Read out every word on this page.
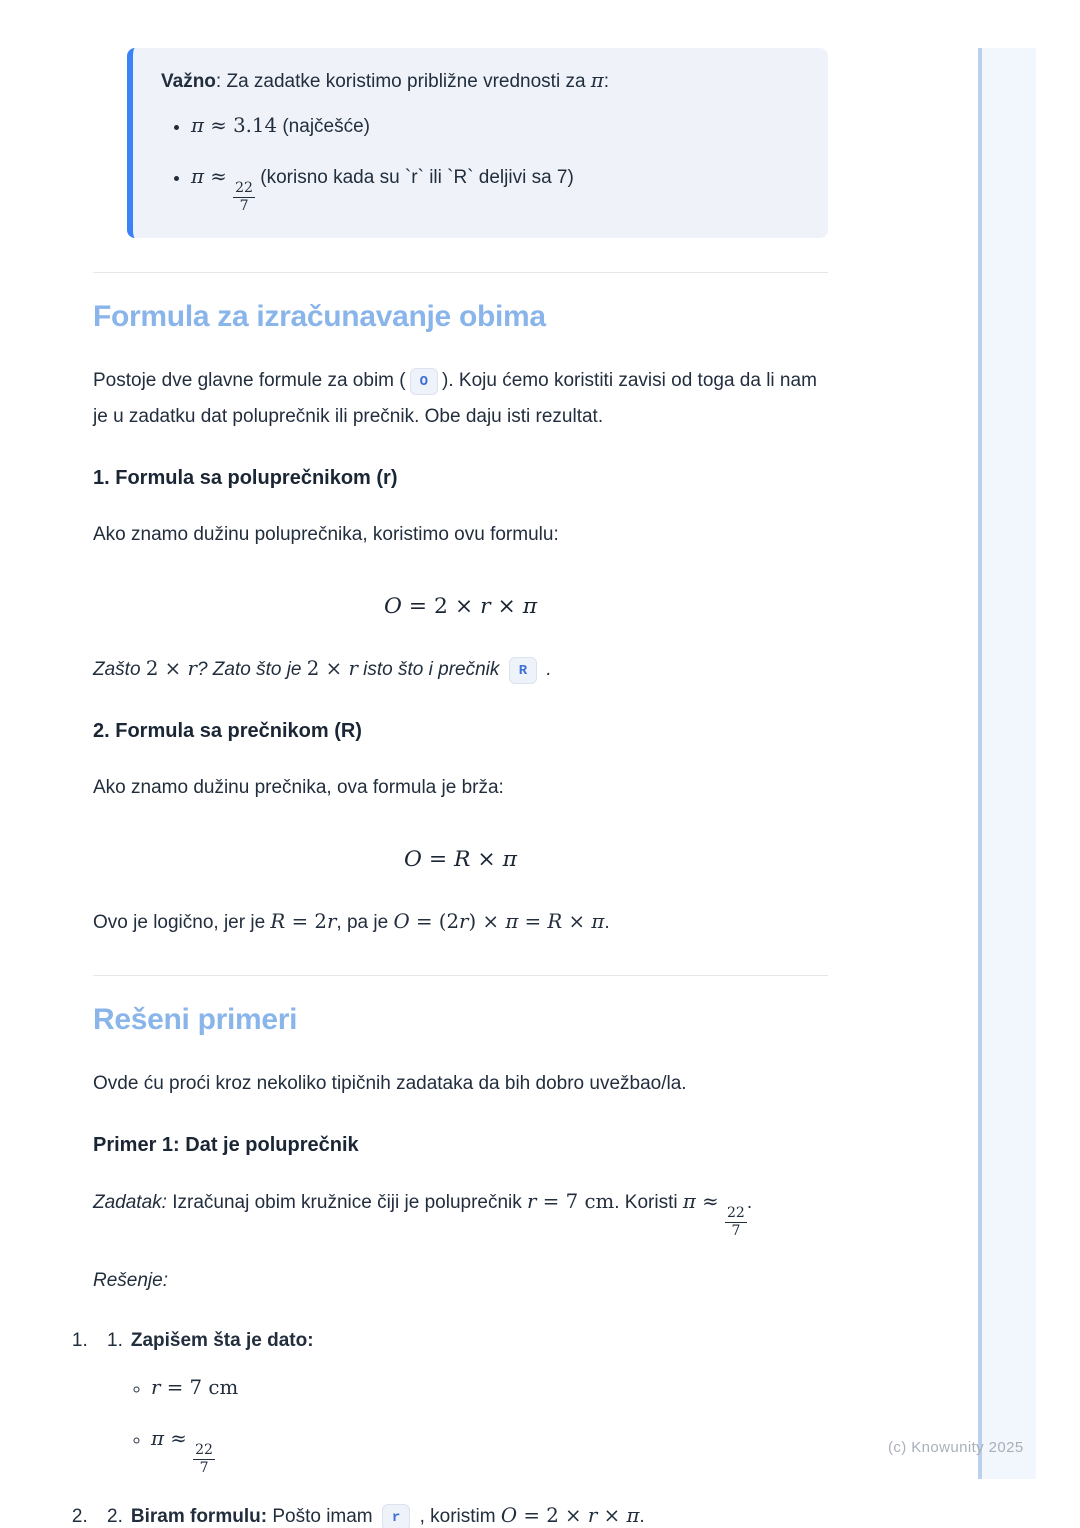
Važno: Za zadatke koristimo približne vrednosti za π:

• π ≈ 3.14 (najčešće)
• π ≈
$\frac{22}{7}$
(korisno kada su `r` ili `R` deljivi sa 7)
Formula za izračunavanje obima

Postoje dve glavne formule za obim ( O ). Koju ćemo koristiti zavisi od toga da li nam je u zadatku dat poluprečnik ili prečnik. Obe daju isti rezultat.

1. Formula sa poluprečnikom (r)

Ako znamo dužinu poluprečnika, koristimo ovu formulu:

O = 2 × r × π

Zašto 2 × r? Zato što je 2 × r isto što i prečnik R .

2. Formula sa prečnikom (R)

Ako znamo dužinu prečnika, ova formula je brža:

O = R × π

Ovo je logično, jer je R = 2r, pa je O = (2r) × π = R × π.

Rešeni primeri

Ovde ću proći kroz nekoliko tipičnih zadataka da bih dobro uvežbao/la.

Primer 1: Dat je poluprečnik

Zadatak: Izračunaj obim kružnice čiji je poluprečnik r = 7 cm. Koristi π ≈
$\frac{22}{7}$
.

Rešenje:

1. 1. Zapišem šta je dato:
◦ r = 7 cm
◦ π ≈
$\frac{22}{7}$
2. 2. Biram formulu: Pošto imam r , koristim O = 2 × r × π.
(c) Knowunity 2025
